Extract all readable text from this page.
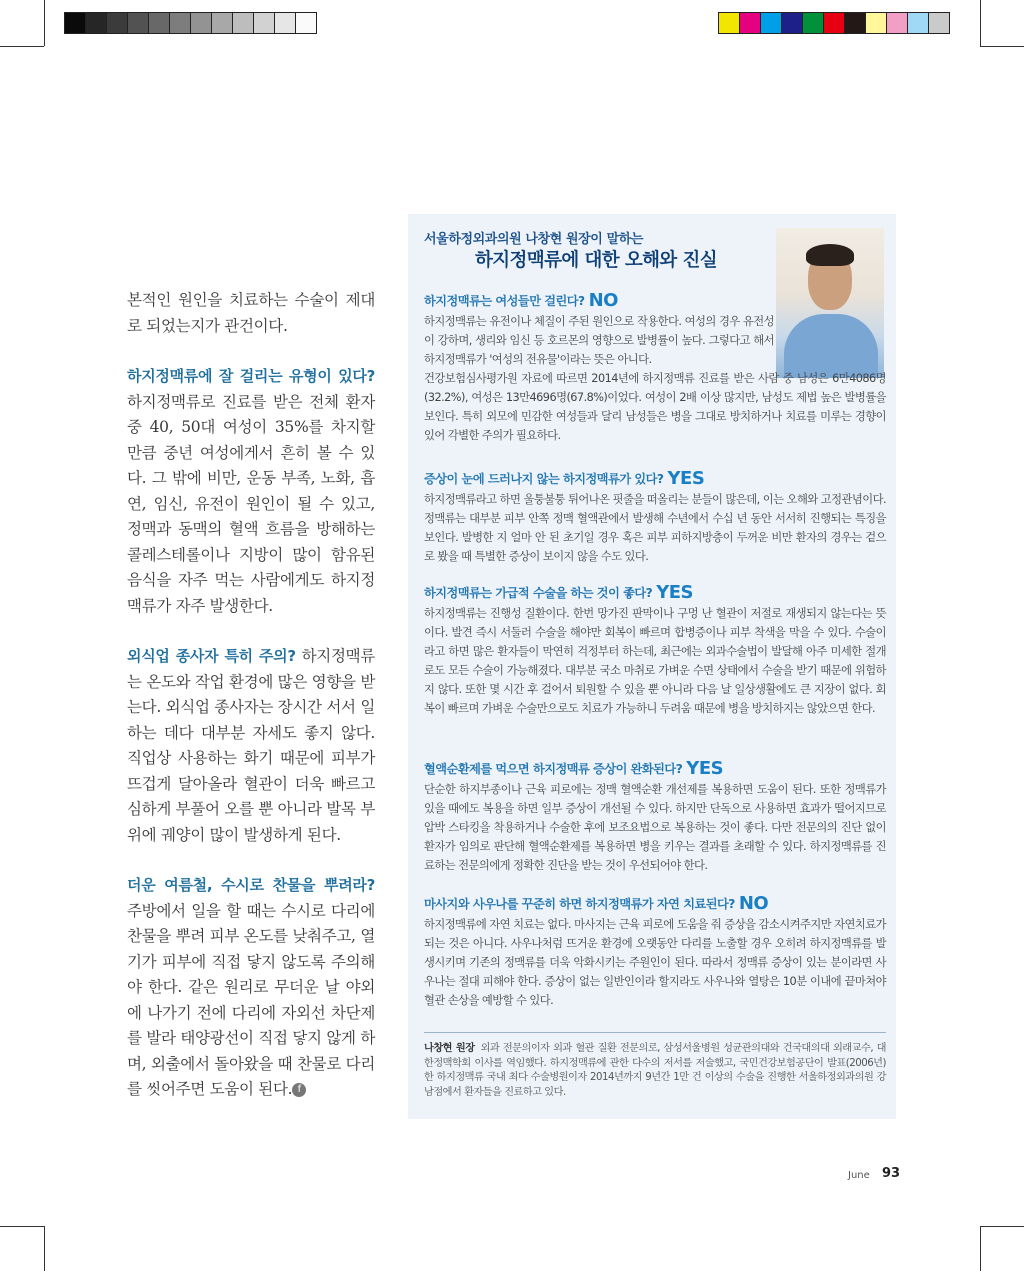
본적인 원인을 치료하는 수술이 제대로 되었는지가 관건이다.

하지정맥류에 잘 걸리는 유형이 있다? 하지정맥류로 진료를 받은 전체 환자 중 40, 50대 여성이 35%를 차지할 만큼 중년 여성에게서 흔히 볼 수 있다. 그 밖에 비만, 운동 부족, 노화, 흡연, 임신, 유전이 원인이 될 수 있고, 정맥과 동맥의 혈액 흐름을 방해하는 콜레스테롤이나 지방이 많이 함유된 음식을 자주 먹는 사람에게도 하지정맥류가 자주 발생한다.

외식업 종사자 특히 주의? 하지정맥류는 온도와 작업 환경에 많은 영향을 받는다. 외식업 종사자는 장시간 서서 일하는 데다 대부분 자세도 좋지 않다. 직업상 사용하는 화기 때문에 피부가 뜨겁게 달아올라 혈관이 더욱 빠르고 심하게 부풀어 오를 뿐 아니라 발목 부위에 궤양이 많이 발생하게 된다.

더운 여름철, 수시로 찬물을 뿌려라? 주방에서 일을 할 때는 수시로 다리에 찬물을 뿌려 피부 온도를 낮춰주고, 열기가 피부에 직접 닿지 않도록 주의해야 한다. 같은 원리로 무더운 날 야외에 나가기 전에 다리에 자외선 차단제를 발라 태양광선이 직접 닿지 않게 하며, 외출에서 돌아왔을 때 찬물로 다리를 씻어주면 도움이 된다. f

서울하정외과의원 나창현 원장이 말하는
하지정맥류에 대한 오해와 진실
하지정맥류는 여성들만 걸린다? NO

하지정맥류는 유전이나 체질이 주된 원인으로 작용한다. 여성의 경우 유전성이 강하며, 생리와 임신 등 호르몬의 영향으로 발병률이 높다. 그렇다고 해서 하지정맥류가 '여성의 전유물'이라는 뜻은 아니다.

건강보험심사평가원 자료에 따르면 2014년에 하지정맥류 진료를 받은 사람 중 남성은 6만4086명(32.2%), 여성은 13만4696명(67.8%)이었다. 여성이 2배 이상 많지만, 남성도 제법 높은 발병률을 보인다. 특히 외모에 민감한 여성들과 달리 남성들은 병을 그대로 방치하거나 치료를 미루는 경향이 있어 각별한 주의가 필요하다.

증상이 눈에 드러나지 않는 하지정맥류가 있다? YES

하지정맥류라고 하면 울퉁불퉁 튀어나온 핏줄을 떠올리는 분들이 많은데, 이는 오해와 고정관념이다. 정맥류는 대부분 피부 안쪽 정맥 혈액관에서 발생해 수년에서 수십 년 동안 서서히 진행되는 특징을 보인다. 발병한 지 얼마 안 된 초기일 경우 혹은 피부 피하지방층이 두꺼운 비만 환자의 경우는 겉으로 봤을 때 특별한 증상이 보이지 않을 수도 있다.

하지정맥류는 가급적 수술을 하는 것이 좋다? YES

하지정맥류는 진행성 질환이다. 한번 망가진 판막이나 구멍 난 혈관이 저절로 재생되지 않는다는 뜻이다. 발견 즉시 서둘러 수술을 해야만 회복이 빠르며 합병증이나 피부 착색을 막을 수 있다. 수술이라고 하면 많은 환자들이 막연히 걱정부터 하는데, 최근에는 외과수술법이 발달해 아주 미세한 절개로도 모든 수술이 가능해졌다. 대부분 국소 마취로 가벼운 수면 상태에서 수술을 받기 때문에 위험하지 않다. 또한 몇 시간 후 걸어서 퇴원할 수 있을 뿐 아니라 다음 날 일상생활에도 큰 지장이 없다. 회복이 빠르며 가벼운 수술만으로도 치료가 가능하니 두려움 때문에 병을 방치하지는 않았으면 한다.

혈액순환제를 먹으면 하지정맥류 증상이 완화된다? YES

단순한 하지부종이나 근육 피로에는 정맥 혈액순환 개선제를 복용하면 도움이 된다. 또한 정맥류가 있을 때에도 복용을 하면 일부 증상이 개선될 수 있다. 하지만 단독으로 사용하면 효과가 떨어지므로 압박 스타킹을 착용하거나 수술한 후에 보조요법으로 복용하는 것이 좋다. 다만 전문의의 진단 없이 환자가 임의로 판단해 혈액순환제를 복용하면 병을 키우는 결과를 초래할 수 있다. 하지정맥류를 진료하는 전문의에게 정확한 진단을 받는 것이 우선되어야 한다.

마사지와 사우나를 꾸준히 하면 하지정맥류가 자연 치료된다? NO

하지정맥류에 자연 치료는 없다. 마사지는 근육 피로에 도움을 줘 증상을 감소시켜주지만 자연치료가 되는 것은 아니다. 사우나처럼 뜨거운 환경에 오랫동안 다리를 노출할 경우 오히려 하지정맥류를 발생시키며 기존의 정맥류를 더욱 악화시키는 주원인이 된다. 따라서 정맥류 증상이 있는 분이라면 사우나는 절대 피해야 한다. 증상이 없는 일반인이라 할지라도 사우나와 열탕은 10분 이내에 끝마쳐야 혈관 손상을 예방할 수 있다.

나창현 원장 외과 전문의이자 외과 혈관 질환 전문의로, 삼성서울병원 성균관의대와 건국대의대 외래교수, 대한정맥학회 이사를 역임했다. 하지정맥류에 관한 다수의 저서를 저술했고, 국민건강보험공단이 발표(2006년)한 하지정맥류 국내 최다 수술병원이자 2014년까지 9년간 1만 건 이상의 수술을 진행한 서울하정외과의원 강남점에서 환자들을 진료하고 있다.
June 93
